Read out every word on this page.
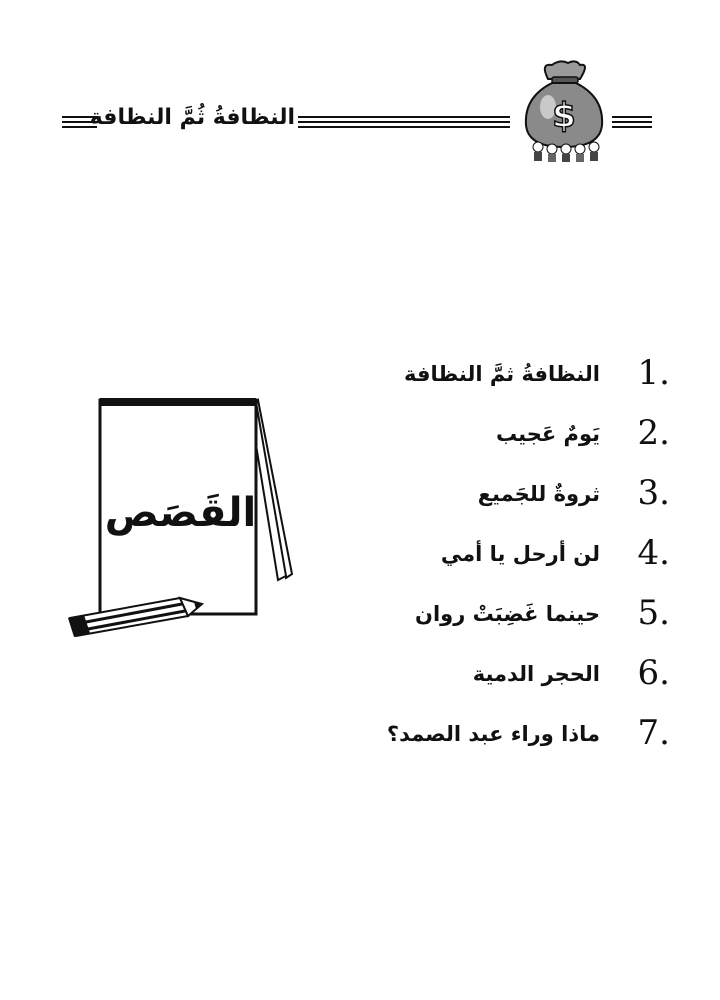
النظافةُ ثُمَّ النظافة	$
القَصَص
1.
النظافةُ ثمَّ النظافة
2.
يَومٌ عَجيب
3.
ثروةٌ للجَميع
4.
لن أرحل يا أمي
5.
حينما غَضِبَتْ روان
6.
الحجر الدمية
7.
ماذا وراء عبد الصمد؟
